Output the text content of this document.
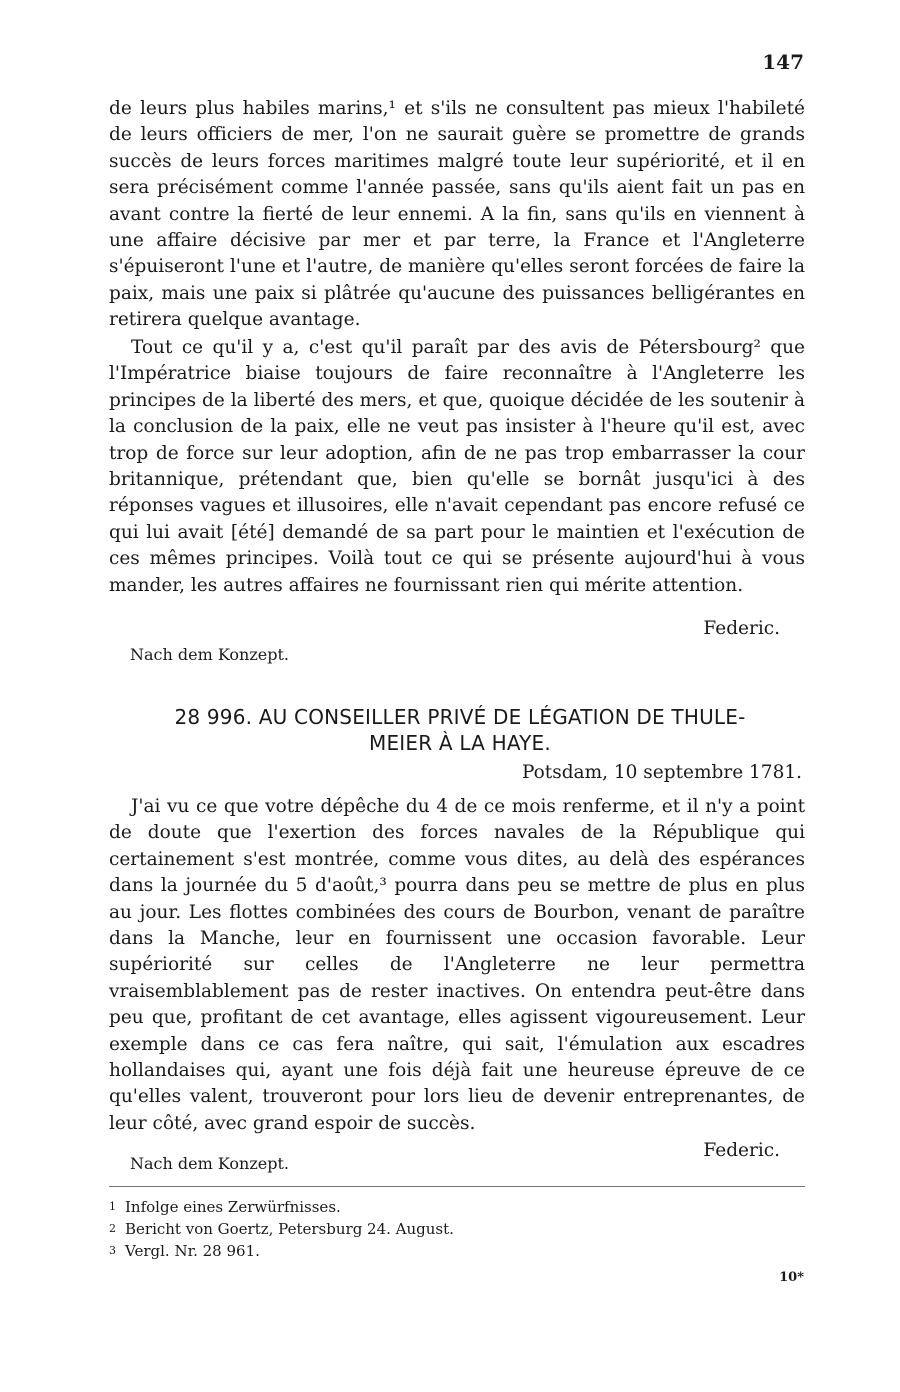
147

de leurs plus habiles marins,¹ et s'ils ne consultent pas mieux l'habileté de leurs officiers de mer, l'on ne saurait guère se promettre de grands succès de leurs forces maritimes malgré toute leur supériorité, et il en sera précisément comme l'année passée, sans qu'ils aient fait un pas en avant contre la fierté de leur ennemi. A la fin, sans qu'ils en viennent à une affaire décisive par mer et par terre, la France et l'Angleterre s'épuiseront l'une et l'autre, de manière qu'elles seront forcées de faire la paix, mais une paix si plâtrée qu'aucune des puissances belligérantes en retirera quelque avantage.

Tout ce qu'il y a, c'est qu'il paraît par des avis de Pétersbourg² que l'Impératrice biaise toujours de faire reconnaître à l'Angleterre les principes de la liberté des mers, et que, quoique décidée de les soutenir à la conclusion de la paix, elle ne veut pas insister à l'heure qu'il est, avec trop de force sur leur adoption, afin de ne pas trop embarrasser la cour britannique, prétendant que, bien qu'elle se bornât jusqu'ici à des réponses vagues et illusoires, elle n'avait cependant pas encore refusé ce qui lui avait [été] demandé de sa part pour le maintien et l'exécution de ces mêmes principes. Voilà tout ce qui se présente aujourd'hui à vous mander, les autres affaires ne fournissant rien qui mérite attention.

Federic.
Nach dem Konzept.
28 996. AU CONSEILLER PRIVÉ DE LÉGATION DE THULE-
MEIER À LA HAYE.
Potsdam, 10 septembre 1781.

J'ai vu ce que votre dépêche du 4 de ce mois renferme, et il n'y a point de doute que l'exertion des forces navales de la République qui certainement s'est montrée, comme vous dites, au delà des espérances dans la journée du 5 d'août,³ pourra dans peu se mettre de plus en plus au jour. Les flottes combinées des cours de Bourbon, venant de paraître dans la Manche, leur en fournissent une occasion favorable. Leur supériorité sur celles de l'Angleterre ne leur permettra vraisemblablement pas de rester inactives. On entendra peut-être dans peu que, profitant de cet avantage, elles agissent vigoureusement. Leur exemple dans ce cas fera naître, qui sait, l'émulation aux escadres hollandaises qui, ayant une fois déjà fait une heureuse épreuve de ce qu'elles valent, trouveront pour lors lieu de devenir entreprenantes, de leur côté, avec grand espoir de succès.

Federic.
Nach dem Konzept.
1 Infolge eines Zerwürfnisses.
2 Bericht von Goertz, Petersburg 24. August.
3 Vergl. Nr. 28 961.
10*
